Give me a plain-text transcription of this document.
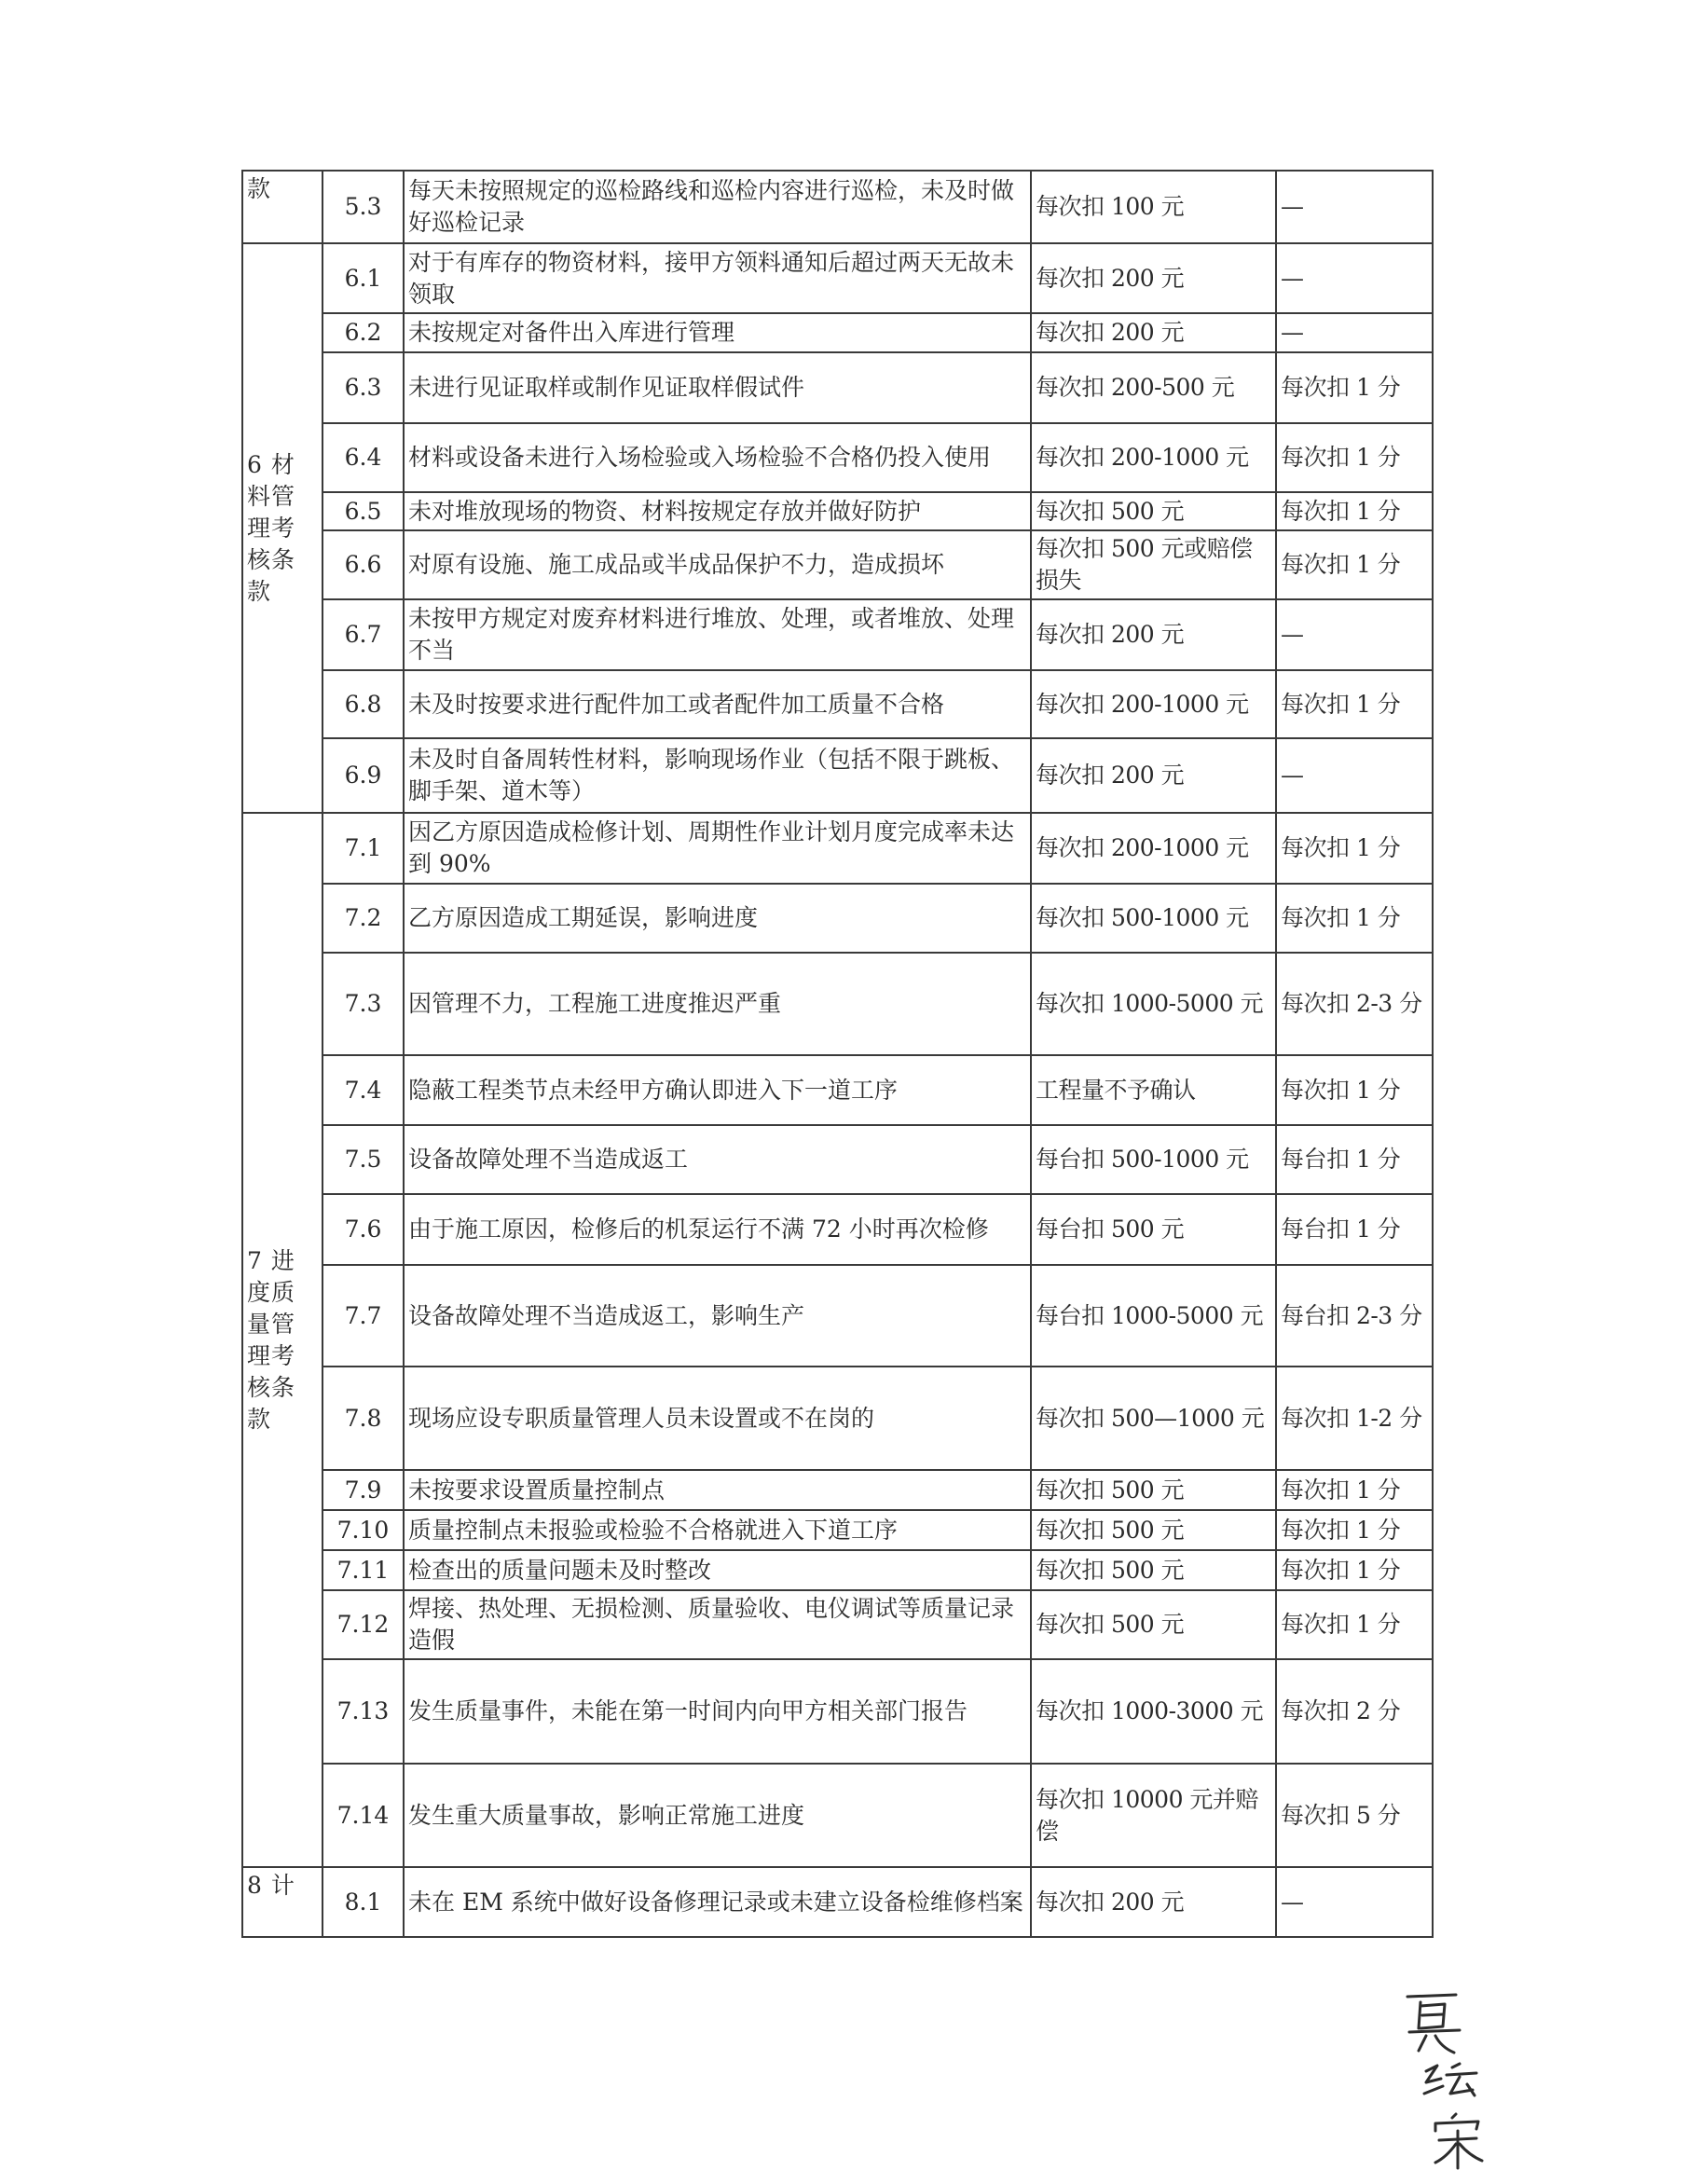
款	5.3	每天未按照规定的巡检路线和巡检内容进行巡检，未及时做好巡检记录	每次扣 100 元	—
6 材料管理考核条款	6.1	对于有库存的物资材料，接甲方领料通知后超过两天无故未领取	每次扣 200 元	—
	6.2	未按规定对备件出入库进行管理	每次扣 200 元	—
	6.3	未进行见证取样或制作见证取样假试件	每次扣 200-500 元	每次扣 1 分
	6.4	材料或设备未进行入场检验或入场检验不合格仍投入使用	每次扣 200-1000 元	每次扣 1 分
	6.5	未对堆放现场的物资、材料按规定存放并做好防护	每次扣 500 元	每次扣 1 分
	6.6	对原有设施、施工成品或半成品保护不力，造成损坏	每次扣 500 元或赔偿损失	每次扣 1 分
	6.7	未按甲方规定对废弃材料进行堆放、处理，或者堆放、处理不当	每次扣 200 元	—
	6.8	未及时按要求进行配件加工或者配件加工质量不合格	每次扣 200-1000 元	每次扣 1 分
	6.9	未及时自备周转性材料，影响现场作业（包括不限于跳板、脚手架、道木等）	每次扣 200 元	—
7 进度质量管理考核条款	7.1	因乙方原因造成检修计划、周期性作业计划月度完成率未达到 90%	每次扣 200-1000 元	每次扣 1 分
	7.2	乙方原因造成工期延误，影响进度	每次扣 500-1000 元	每次扣 1 分
	7.3	因管理不力，工程施工进度推迟严重	每次扣 1000-5000 元	每次扣 2-3 分
	7.4	隐蔽工程类节点未经甲方确认即进入下一道工序	工程量不予确认	每次扣 1 分
	7.5	设备故障处理不当造成返工	每台扣 500-1000 元	每台扣 1 分
	7.6	由于施工原因，检修后的机泵运行不满 72 小时再次检修	每台扣 500 元	每台扣 1 分
	7.7	设备故障处理不当造成返工，影响生产	每台扣 1000-5000 元	每台扣 2-3 分
	7.8	现场应设专职质量管理人员未设置或不在岗的	每次扣 500—1000 元	每次扣 1-2 分
	7.9	未按要求设置质量控制点	每次扣 500 元	每次扣 1 分
	7.10	质量控制点未报验或检验不合格就进入下道工序	每次扣 500 元	每次扣 1 分
	7.11	检查出的质量问题未及时整改	每次扣 500 元	每次扣 1 分
	7.12	焊接、热处理、无损检测、质量验收、电仪调试等质量记录造假	每次扣 500 元	每次扣 1 分
	7.13	发生质量事件，未能在第一时间内向甲方相关部门报告	每次扣 1000-3000 元	每次扣 2 分
	7.14	发生重大质量事故，影响正常施工进度	每次扣 10000 元并赔偿	每次扣 5 分
8 计	8.1	未在 EM 系统中做好设备修理记录或未建立设备检维修档案	每次扣 200 元	—
